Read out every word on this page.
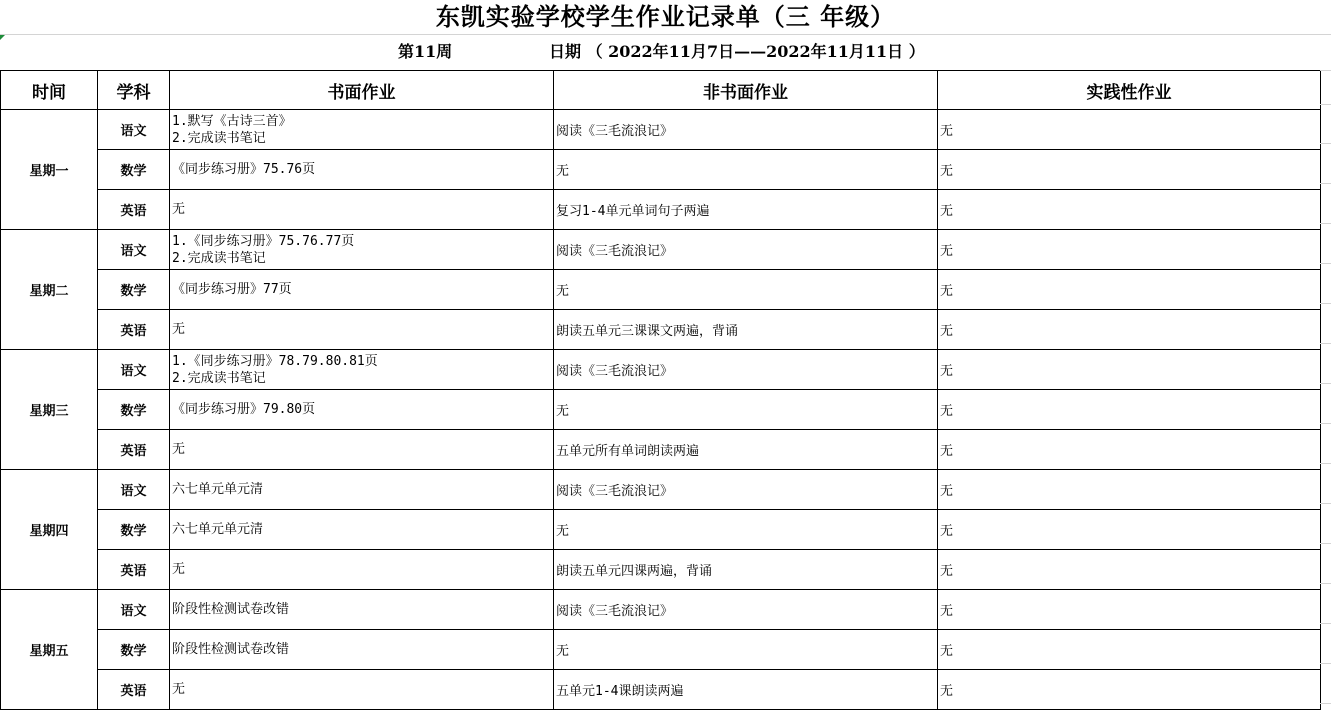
东凯实验学校学生作业记录单（三 年级）
第11周	日期 （ 2022年11月7日——2022年11月11日 ）
时间	学科	书面作业	非书面作业	实践性作业
星期一	语文	1.默写《古诗三首》
2.完成读书笔记	阅读《三毛流浪记》	无
	数学	《同步练习册》75.76页	无	无
	英语	无	复习1-4单元单词句子两遍	无
星期二	语文	1.《同步练习册》75.76.77页
2.完成读书笔记	阅读《三毛流浪记》	无
	数学	《同步练习册》77页	无	无
	英语	无	朗读五单元三课课文两遍，背诵	无
星期三	语文	1.《同步练习册》78.79.80.81页
2.完成读书笔记	阅读《三毛流浪记》	无
	数学	《同步练习册》79.80页	无	无
	英语	无	五单元所有单词朗读两遍	无
星期四	语文	六七单元单元清	阅读《三毛流浪记》	无
	数学	六七单元单元清	无	无
	英语	无	朗读五单元四课两遍，背诵	无
星期五	语文	阶段性检测试卷改错	阅读《三毛流浪记》	无
	数学	阶段性检测试卷改错	无	无
	英语	无	五单元1-4课朗读两遍	无
